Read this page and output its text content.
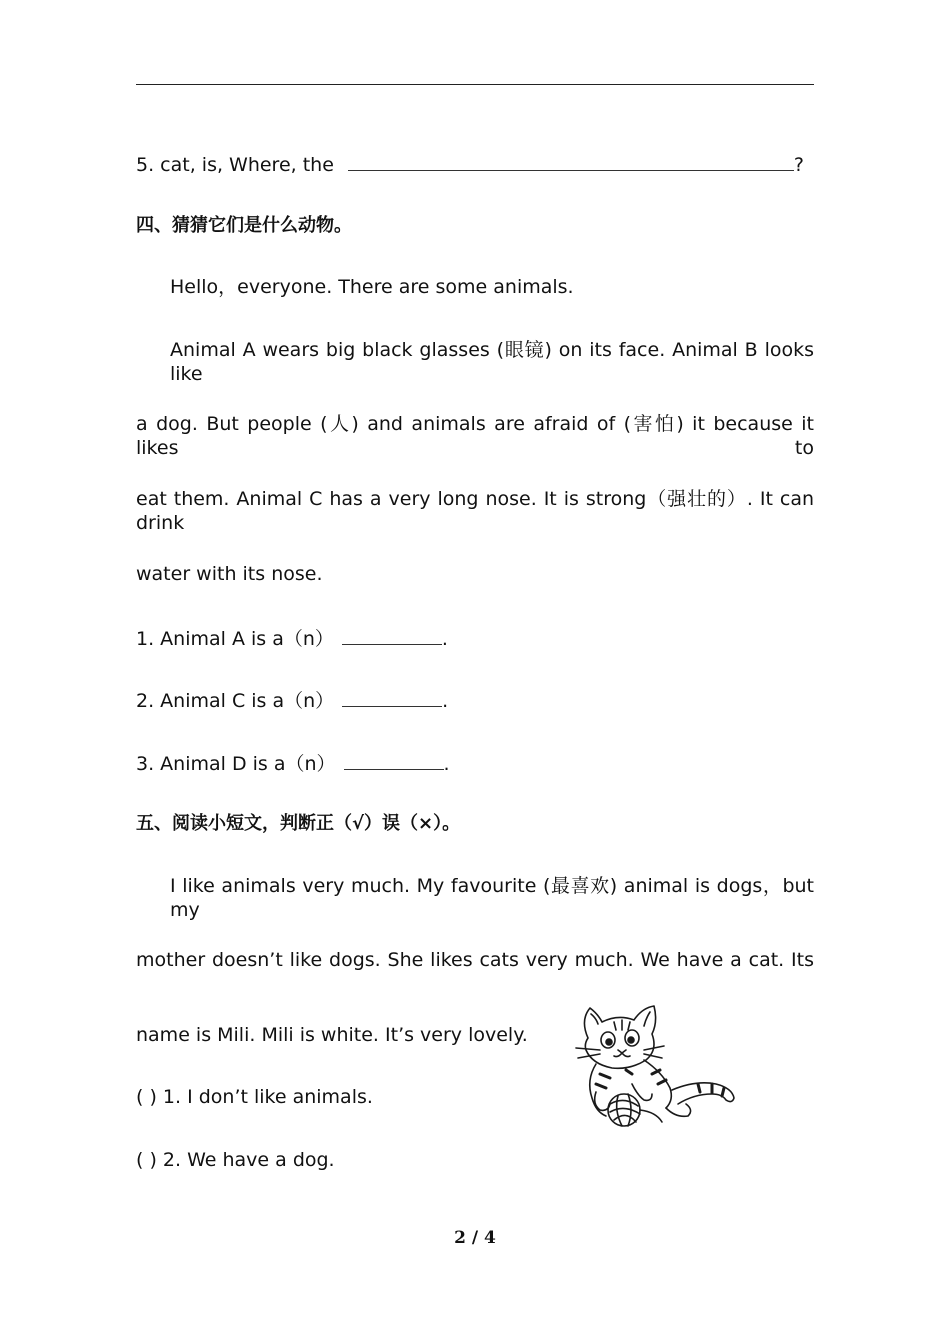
5. cat, is, Where, the	?
四、猜猜它们是什么动物。
Hello，everyone. There are some animals.
Animal A wears big black glasses (眼镜) on its face. Animal B looks like
a dog. But people (人) and animals are afraid of (害怕) it because it likes to
eat them. Animal C has a very long nose. It is strong（强壮的）. It can drink
water with its nose.
1. Animal A is a（n）	.
2. Animal C is a（n）	.
3. Animal D is a（n）	.
五、阅读小短文，判断正（√）误（×）。
I like animals very much. My favourite (最喜欢) animal is dogs，but my
mother doesn’t like dogs. She likes cats very much. We have a cat. Its
name is Mili. Mili is white. It’s very lovely.
( ) 1. I don’t like animals.
( ) 2. We have a dog.
2 / 4
